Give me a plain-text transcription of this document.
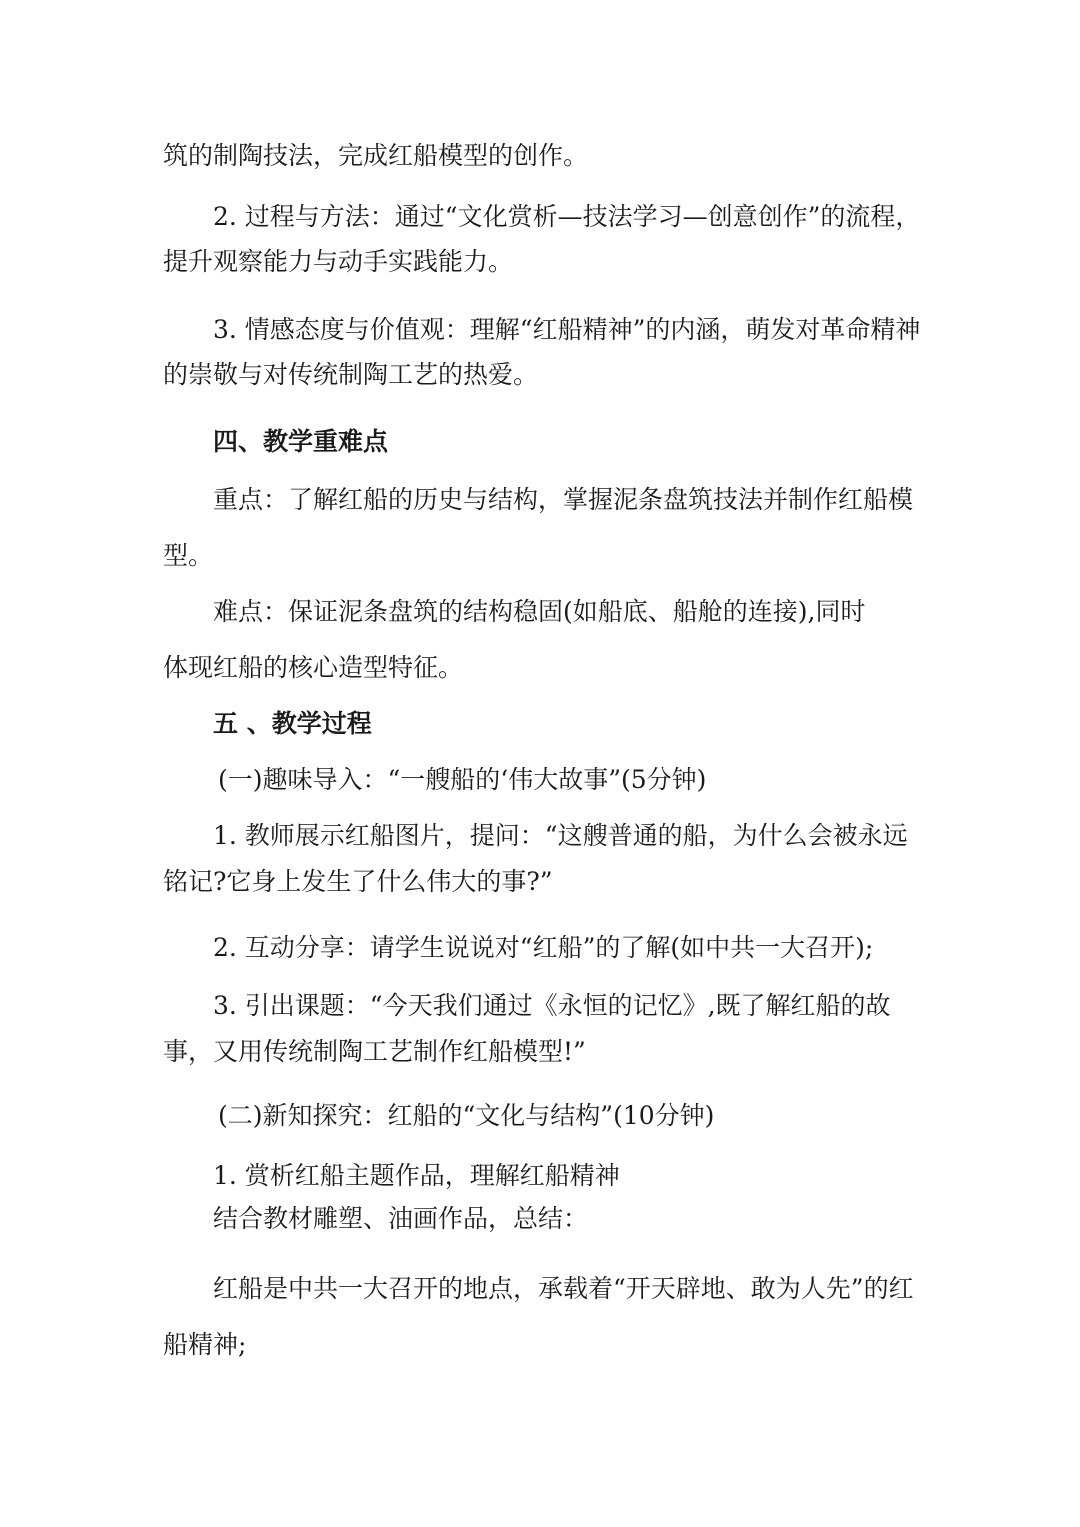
筑的制陶技法，完成红船模型的创作。
2. 过程与方法：通过“文化赏析—技法学习—创意创作”的流程，
提升观察能力与动手实践能力。
3. 情感态度与价值观：理解“红船精神”的内涵，萌发对革命精神
的崇敬与对传统制陶工艺的热爱。
四、教学重难点
重点：了解红船的历史与结构，掌握泥条盘筑技法并制作红船模
型。
难点：保证泥条盘筑的结构稳固(如船底、船舱的连接),同时
体现红船的核心造型特征。
五 、教学过程
(一)趣味导入：“一艘船的‘伟大故事”(5分钟)
1. 教师展示红船图片，提问：“这艘普通的船，为什么会被永远
铭记?它身上发生了什么伟大的事?”
2. 互动分享：请学生说说对“红船”的了解(如中共一大召开);
3. 引出课题：“今天我们通过《永恒的记忆》,既了解红船的故
事，又用传统制陶工艺制作红船模型!”
(二)新知探究：红船的“文化与结构”(10分钟)
1. 赏析红船主题作品，理解红船精神
结合教材雕塑、油画作品，总结：
红船是中共一大召开的地点，承载着“开天辟地、敢为人先”的红
船精神;
